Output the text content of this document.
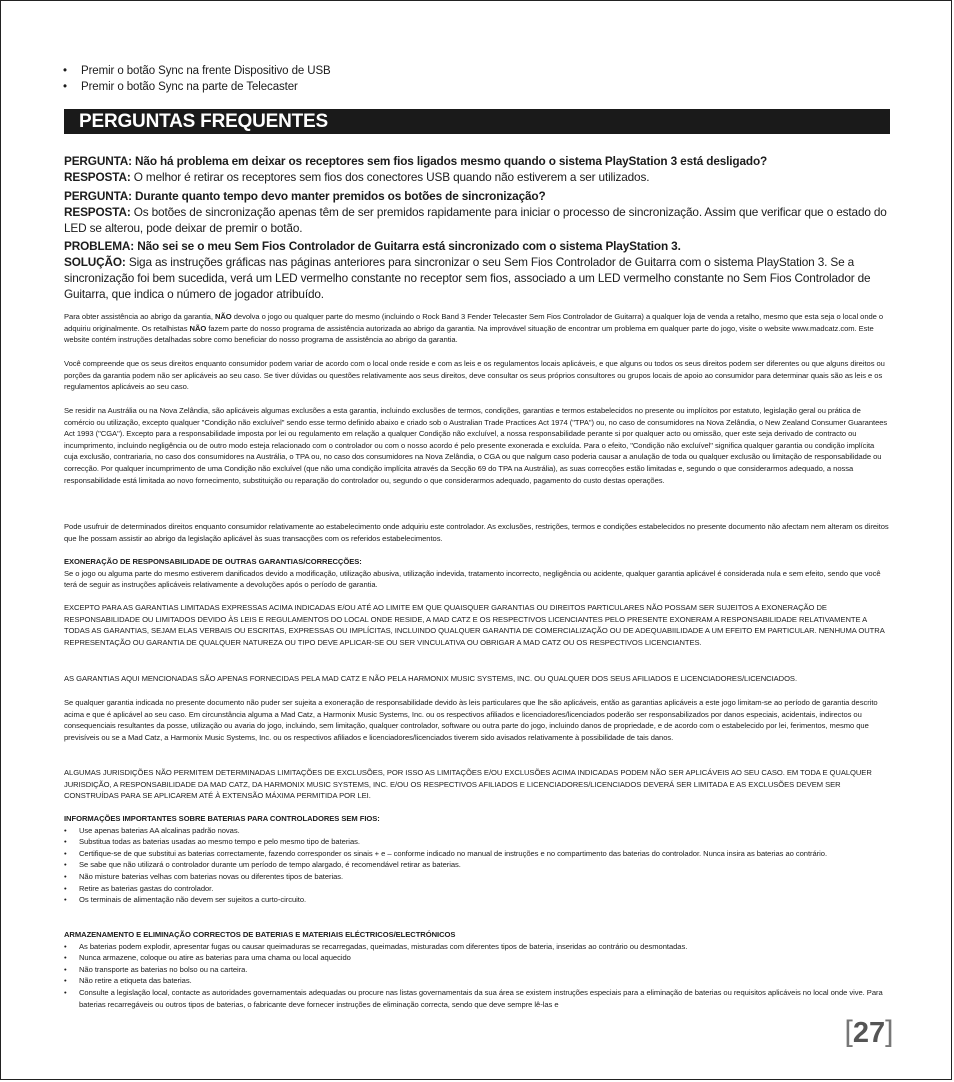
• Premir o botão Sync na frente Dispositivo de USB
• Premir o botão Sync na parte de Telecaster
PERGUNTAS FREQUENTES

PERGUNTA: Não há problema em deixar os receptores sem fios ligados mesmo quando o sistema PlayStation 3 está desligado?

RESPOSTA: O melhor é retirar os receptores sem fios dos conectores USB quando não estiverem a ser utilizados.

PERGUNTA: Durante quanto tempo devo manter premidos os botões de sincronização?

RESPOSTA: Os botões de sincronização apenas têm de ser premidos rapidamente para iniciar o processo de sincronização. Assim que verificar que o estado do LED se alterou, pode deixar de premir o botão.

PROBLEMA: Não sei se o meu Sem Fios Controlador de Guitarra está sincronizado com o sistema PlayStation 3.

SOLUÇÃO: Siga as instruções gráficas nas páginas anteriores para sincronizar o seu Sem Fios Controlador de Guitarra com o sistema PlayStation 3. Se a sincronização foi bem sucedida, verá um LED vermelho constante no receptor sem fios, associado a um LED vermelho constante no Sem Fios Controlador de Guitarra, que indica o número de jogador atribuído.

Para obter assistência ao abrigo da garantia, NÃO devolva o jogo ou qualquer parte do mesmo (incluindo o Rock Band 3 Fender Telecaster Sem Fios Controlador de Guitarra) a qualquer loja de venda a retalho, mesmo que esta seja o local onde o adquiriu originalmente. Os retalhistas NÃO fazem parte do nosso programa de assistência autorizada ao abrigo da garantia. Na improvável situação de encontrar um problema em qualquer parte do jogo, visite o website www.madcatz.com. Este website contém instruções detalhadas sobre como beneficiar do nosso programa de assistência ao abrigo da garantia.

Você compreende que os seus direitos enquanto consumidor podem variar de acordo com o local onde reside e com as leis e os regulamentos locais aplicáveis, e que alguns ou todos os seus direitos podem ser diferentes ou que alguns direitos ou porções da garantia podem não ser aplicáveis ao seu caso. Se tiver dúvidas ou questões relativamente aos seus direitos, deve consultar os seus próprios consultores ou grupos locais de apoio ao consumidor para determinar quais são as leis e os regulamentos aplicáveis ao seu caso.
Se residir na Austrália ou na Nova Zelândia, são aplicáveis algumas exclusões a esta garantia, incluindo exclusões de termos, condições, garantias e termos estabelecidos no presente ou implícitos por estatuto, legislação geral ou prática de comércio ou utilização, excepto qualquer "Condição não excluível" sendo esse termo definido abaixo e criado sob o Australian Trade Practices Act 1974 ("TPA") ou, no caso de consumidores na Nova Zelândia, o New Zealand Consumer Guarantees Act 1993 ("CGA"). Excepto para a responsabilidade imposta por lei ou regulamento em relação a qualquer Condição não excluível, a nossa responsabilidade perante si por qualquer acto ou omissão, quer este seja derivado de contracto ou incumprimento, incluindo negligência ou de outro modo esteja relacionado com o controlador ou com o nosso acordo é pelo presente exonerada e excluída. Para o efeito, "Condição não excluível" significa qualquer garantia ou condição implícita cuja exclusão, contrariaria, no caso dos consumidores na Austrália, o TPA ou, no caso dos consumidores na Nova Zelândia, o CGA ou que nalgum caso poderia causar a anulação de toda ou qualquer exclusão ou limitação de responsabilidade ou correcção. Por qualquer incumprimento de uma Condição não excluível (que não uma condição implícita através da Secção 69 do TPA na Austrália), as suas correcções estão limitadas e, segundo o que considerarmos adequado, a nossa responsabilidade está limitada ao novo fornecimento, substituição ou reparação do controlador ou, segundo o que considerarmos adequado, pagamento do custo destas operações.
Pode usufruir de determinados direitos enquanto consumidor relativamente ao estabelecimento onde adquiriu este controlador. As exclusões, restrições, termos e condições estabelecidos no presente documento não afectam nem alteram os direitos que lhe possam assistir ao abrigo da legislação aplicável às suas transacções com os referidos estabelecimentos.

EXONERAÇÃO DE RESPONSABILIDADE DE OUTRAS GARANTIAS/CORRECÇÕES:

Se o jogo ou alguma parte do mesmo estiverem danificados devido a modificação, utilização abusiva, utilização indevida, tratamento incorrecto, negligência ou acidente, qualquer garantia aplicável é considerada nula e sem efeito, sendo que você terá de seguir as instruções aplicáveis relativamente a devoluções após o período de garantia.

EXCEPTO PARA AS GARANTIAS LIMITADAS EXPRESSAS ACIMA INDICADAS E/OU ATÉ AO LIMITE EM QUE QUAISQUER GARANTIAS OU DIREITOS PARTICULARES NÃO POSSAM SER SUJEITOS A EXONERAÇÃO DE RESPONSABILIDADE OU LIMITADOS DEVIDO ÀS LEIS E REGULAMENTOS DO LOCAL ONDE RESIDE, A MAD CATZ E OS RESPECTIVOS LICENCIANTES PELO PRESENTE EXONERAM A RESPONSABILIDADE RELATIVAMENTE A TODAS AS GARANTIAS, SEJAM ELAS VERBAIS OU ESCRITAS, EXPRESSAS OU IMPLÍCITAS, INCLUINDO QUALQUER GARANTIA DE COMERCIALIZAÇÃO OU DE ADEQUABIILIDADE A UM EFEITO EM PARTICULAR. NENHUMA OUTRA REPRESENTAÇÃO OU GARANTIA DE QUALQUER NATUREZA OU TIPO DEVE APLICAR-SE OU SER VINCULATIVA OU OBRIGAR A MAD CATZ OU OS RESPECTIVOS LICENCIANTES.
AS GARANTIAS AQUI MENCIONADAS SÃO APENAS FORNECIDAS PELA MAD CATZ E NÃO PELA HARMONIX MUSIC SYSTEMS, INC. OU QUALQUER DOS SEUS AFILIADOS E LICENCIADORES/LICENCIADOS.
Se qualquer garantia indicada no presente documento não puder ser sujeita a exoneração de responsabilidade devido às leis particulares que lhe são aplicáveis, então as garantias aplicáveis a este jogo limitam-se ao período de garantia descrito acima e que é aplicável ao seu caso. Em circunstância alguma a Mad Catz, a Harmonix Music Systems, Inc. ou os respectivos afiliados e licenciadores/licenciados poderão ser responsabilizados por danos especiais, acidentais, indirectos ou consequenciais resultantes da posse, utilização ou avaria do jogo, incluindo, sem limitação, qualquer controlador, software ou outra parte do jogo, incluindo danos de propriedade, e de acordo com o estabelecido por lei, ferimentos, mesmo que previsíveis ou se a Mad Catz, a Harmonix Music Systems, Inc. ou os respectivos afiliados e licenciadores/licenciados tiverem sido avisados relativamente à possibilidade de tais danos.
ALGUMAS JURISDIÇÕES NÃO PERMITEM DETERMINADAS LIMITAÇÕES DE EXCLUSÕES, POR ISSO AS LIMITAÇÕES E/OU EXCLUSÕES ACIMA INDICADAS PODEM NÃO SER APLICÁVEIS AO SEU CASO. EM TODA E QUALQUER JURISDIÇÃO, A RESPONSABILIDADE DA MAD CATZ, DA HARMONIX MUSIC SYSTEMS, INC. E/OU OS RESPECTIVOS AFILIADOS E LICENCIADORES/LICENCIADOS DEVERÁ SER LIMITADA E AS EXCLUSÕES DEVEM SER CONSTRUÍDAS PARA SE APLICAREM ATÉ À EXTENSÃO MÁXIMA PERMITIDA POR LEI.

INFORMAÇÕES IMPORTANTES SOBRE BATERIAS PARA CONTROLADORES SEM FIOS:

• Use apenas baterias AA alcalinas padrão novas.
• Substitua todas as baterias usadas ao mesmo tempo e pelo mesmo tipo de baterias.
• Certifique-se de que substitui as baterias correctamente, fazendo corresponder os sinais + e – conforme indicado no manual de instruções e no compartimento das baterias do controlador. Nunca insira as baterias ao contrário.
• Se sabe que não utilizará o controlador durante um período de tempo alargado, é recomendável retirar as baterias.
• Não misture baterias velhas com baterias novas ou diferentes tipos de baterias.
• Retire as baterias gastas do controlador.
• Os terminais de alimentação não devem ser sujeitos a curto-circuito.

ARMAZENAMENTO E ELIMINAÇÃO CORRECTOS DE BATERIAS E MATERIAIS ELÉCTRICOS/ELECTRÓNICOS

• As baterias podem explodir, apresentar fugas ou causar queimaduras se recarregadas, queimadas, misturadas com diferentes tipos de bateria, inseridas ao contrário ou desmontadas.
• Nunca armazene, coloque ou atire as baterias para uma chama ou local aquecido
• Não transporte as baterias no bolso ou na carteira.
• Não retire a etiqueta das baterias.
• Consulte a legislação local, contacte as autoridades governamentais adequadas ou procure nas listas governamentais da sua área se existem instruções especiais para a eliminação de baterias ou requisitos aplicáveis no local onde vive. Para baterias recarregáveis ou outros tipos de baterias, o fabricante deve fornecer instruções de eliminação correcta, sendo que deve sempre lê-las e
[27]
